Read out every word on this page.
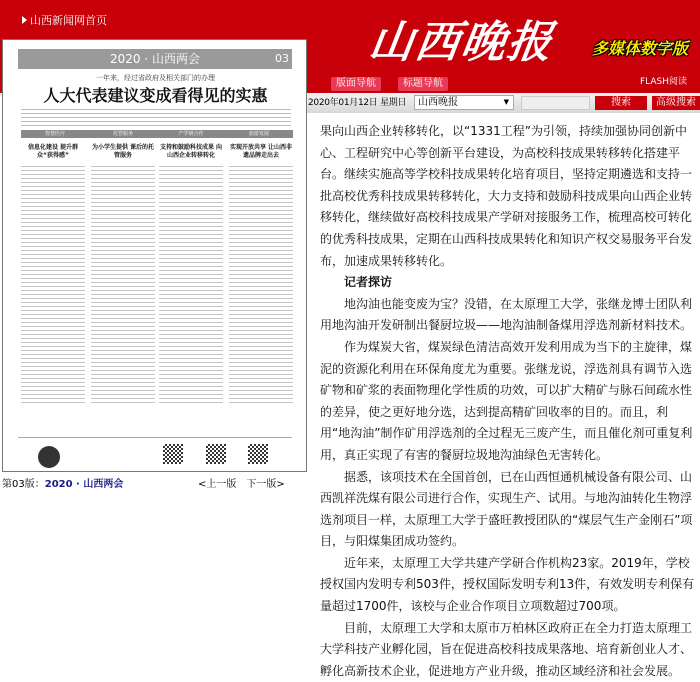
山西新闻网首页	山西晚报 多媒体数字版
版面导航	标题导航	FLASH阅读
2020年01月12日 星期日	山西晚报	▼	搜索	高级搜索
2020 · 山西两会	03
一年来，经过省政府及相关部门的办理
人大代表建议变成看得见的实惠
智慧医疗	托管服务	产学研合作	旅游发展
信息化建设 提升群众“获得感”
为小学生提供 课后的托管服务
支持和鼓励科技成果 向山西企业转移转化
实现开放共享 让山西非遗品牌走出去

果向山西企业转移转化，以“1331工程”为引领，持续加强协同创新中心、工程研究中心等创新平台建设，为高校科技成果转移转化搭建平台。继续实施高等学校科技成果转化培育项目，坚持定期遴选和支持一批高校优秀科技成果转移转化，大力支持和鼓励科技成果向山西企业转移转化，继续做好高校科技成果产学研对接服务工作，梳理高校可转化的优秀科技成果，定期在山西科技成果转化和知识产权交易服务平台发布，加速成果转移转化。

记者探访

地沟油也能变废为宝？没错，在太原理工大学，张继龙博士团队利用地沟油开发研制出餐厨垃圾——地沟油制备煤用浮选剂新材料技术。

作为煤炭大省，煤炭绿色清洁高效开发利用成为当下的主旋律，煤泥的资源化利用在环保角度尤为重要。张继龙说，浮选剂具有调节入选矿物和矿浆的表面物理化学性质的功效，可以扩大精矿与脉石间疏水性的差异，使之更好地分选，达到提高精矿回收率的目的。而且，利用“地沟油”制作矿用浮选剂的全过程无三废产生，而且催化剂可重复利用，真正实现了有害的餐厨垃圾地沟油绿色无害转化。

据悉，该项技术在全国首创，已在山西恒通机械设备有限公司、山西凯祥洗煤有限公司进行合作，实现生产、试用。与地沟油转化生物浮选剂项目一样，太原理工大学于盛旺教授团队的“煤层气生产金刚石”项目，与阳煤集团成功签约。

近年来，太原理工大学共建产学研合作机构23家。2019年，学校授权国内发明专利503件，授权国际发明专利13件，有效发明专利保有量超过1700件，该校与企业合作项目立项数超过700项。

目前，太原理工大学和太原市万柏林区政府正在全力打造太原理工大学科技产业孵化园，旨在促进高校科技成果落地、培育新创业人才、孵化高新技术企业，促进地方产业升级，推动区域经济和社会发展。

第03版：2020 · 山西两会	<上一版 下一版>
